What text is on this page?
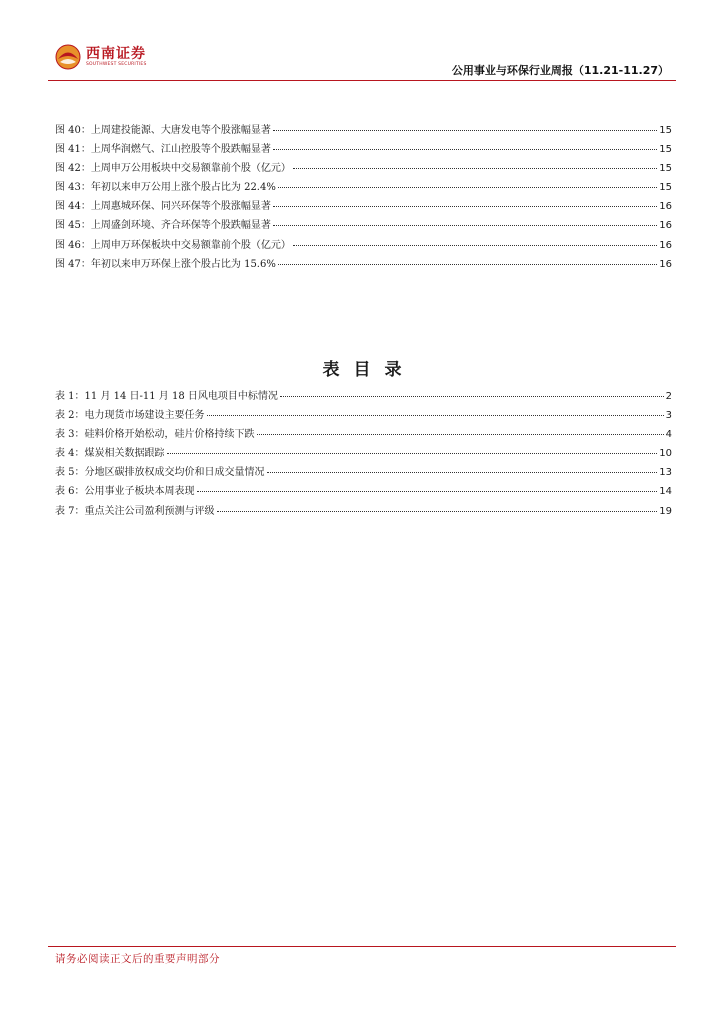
西南证券
SOUTHWEST SECURITIES	公用事业与环保行业周报（11.21-11.27）
图 40：上周建投能源、大唐发电等个股涨幅显著	15
图 41：上周华润燃气、江山控股等个股跌幅显著	15
图 42：上周申万公用板块中交易额靠前个股（亿元）	15
图 43：年初以来申万公用上涨个股占比为 22.4%	15
图 44：上周惠城环保、同兴环保等个股涨幅显著	16
图 45：上周盛剑环境、齐合环保等个股跌幅显著	16
图 46：上周申万环保板块中交易额靠前个股（亿元）	16
图 47：年初以来申万环保上涨个股占比为 15.6%	16
表目录
表 1：11 月 14 日-11 月 18 日风电项目中标情况	2
表 2：电力现货市场建设主要任务	3
表 3：硅料价格开始松动，硅片价格持续下跌	4
表 4：煤炭相关数据跟踪	10
表 5：分地区碳排放权成交均价和日成交量情况	13
表 6：公用事业子板块本周表现	14
表 7：重点关注公司盈利预测与评级	19
请务必阅读正文后的重要声明部分
